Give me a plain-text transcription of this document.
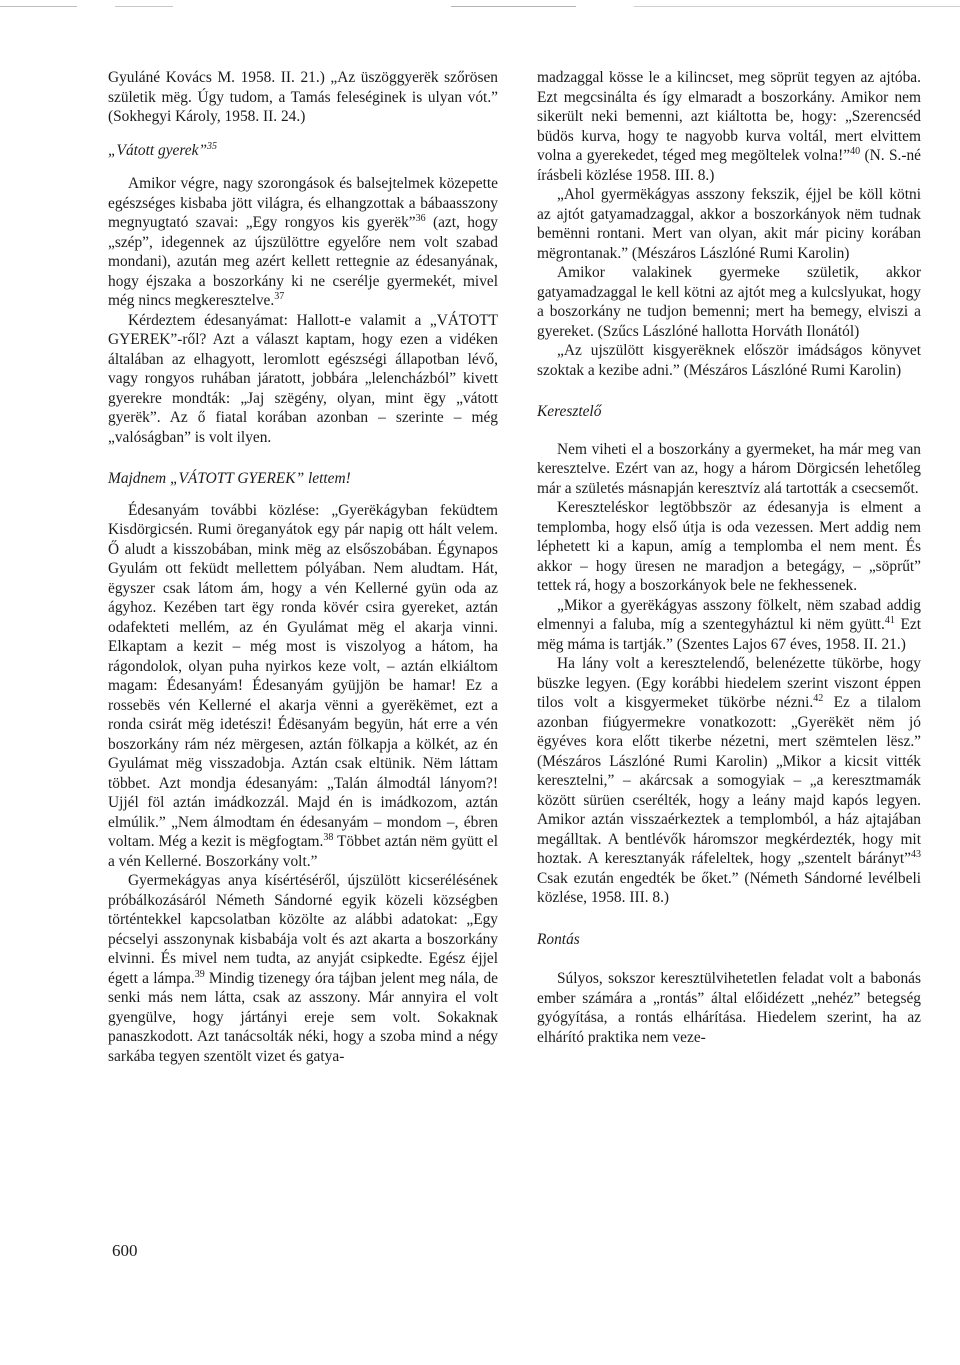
Gyuláné Kovács M. 1958. II. 21.) „Az üszöggyerëk szőrösen születik mëg. Úgy tudom, a Tamás feleséginek is ulyan vót.” (Sokhegyi Károly, 1958. II. 24.)

„Vátott gyerek”$^{35}$

Amikor végre, nagy szorongások és balsejtelmek közepette egészséges kisbaba jött világra, és elhangzottak a bábaasszony megnyugtató szavai: „Egy rongyos kis gyerëk”$^{36}$ (azt, hogy „szép”, idegennek az újszülöttre egyelőre nem volt szabad mondani), azután meg azért kellett rettegnie az édesanyának, hogy éjszaka a boszorkány ki ne cserélje gyermekét, mivel még nincs megkeresztelve.$^{37}$

Kérdeztem édesanyámat: Hallott-e valamit a „VÁTOTT GYEREK”-ről? Azt a választ kaptam, hogy ezen a vidéken általában az elhagyott, leromlott egészségi állapotban lévő, vagy rongyos ruhában járatott, jobbára „lelencházból” kivett gyerekre mondták: „Jaj szëgény, olyan, mint ëgy „vátott gyerëk”. Az ő fiatal korában azonban – szerinte – még „valóságban” is volt ilyen.

Majdnem „VÁTOTT GYEREK” lettem!

Édesanyám további közlése: „Gyerëkágyban feküdtem Kisdörgicsén. Rumi öreganyátok egy pár napig ott hált velem. Ő aludt a kisszobában, mink mëg az elsőszobában. Égynapos Gyulám ott feküdt mellettem pólyában. Nem aludtam. Hát, ëgyszer csak látom ám, hogy a vén Kellerné gyün oda az ágyhoz. Kezében tart ëgy ronda kövér csira gyereket, aztán odafekteti mellém, az én Gyulámat mëg el akarja vinni. Elkaptam a kezit – még most is viszolyog a hátom, ha rágondolok, olyan puha nyirkos keze volt, – aztán elkiáltom magam: Édesanyám! Édesanyám gyüjjön be hamar! Ez a rossebës vén Kellerné el akarja vënni a gyerëkëmet, ezt a ronda csirát mëg idetészi! Édësanyám begyün, hát erre a vén boszorkány rám néz mërgesen, aztán fölkapja a kölkét, az én Gyulámat mëg visszadobja. Aztán csak eltünik. Nëm láttam többet. Azt mondja édesanyám: „Talán álmodtál lányom?! Ujjél föl aztán imádkozzál. Majd én is imádkozom, aztán elmúlik.” „Nem álmodtam én édesanyám – mondom –, ébren voltam. Még a kezit is mëgfogtam.$^{38}$ Többet aztán nëm gyütt el a vén Kellerné. Boszorkány volt.”

Gyermekágyas anya kísértéséről, újszülött kicserélésének próbálkozásáról Németh Sándorné egyik közeli községben történtekkel kapcsolatban közölte az alábbi adatokat: „Egy pécselyi asszonynak kisbabája volt és azt akarta a boszorkány elvinni. És mivel nem tudta, az anyját csipkedte. Egész éjjel égett a lámpa.$^{39}$ Mindig tizenegy óra tájban jelent meg nála, de senki más nem látta, csak az asszony. Már annyira el volt gyengülve, hogy jártányi ereje sem volt. Sokaknak panaszkodott. Azt tanácsolták néki, hogy a szoba mind a négy sarkába tegyen szentölt vizet és gatya-

madzaggal kösse le a kilincset, meg söprüt tegyen az ajtóba. Ezt megcsinálta és így elmaradt a boszorkány. Amikor nem sikerült neki bemenni, azt kiáltotta be, hogy: „Szerencséd büdös kurva, hogy te nagyobb kurva voltál, mert elvittem volna a gyerekedet, téged meg megöltelek volna!”$^{40}$ (N. S.-né írásbeli közlése 1958. III. 8.)

„Ahol gyermëkágyas asszony fekszik, éjjel be köll kötni az ajtót gatyamadzaggal, akkor a boszorkányok nëm tudnak bemënni rontani. Mert van olyan, akit már piciny korában mëgrontanak.” (Mészáros Lászlóné Rumi Karolin)

Amikor valakinek gyermeke születik, akkor gatyamadzaggal le kell kötni az ajtót meg a kulcslyukat, hogy a boszorkány ne tudjon bemenni; mert ha bemegy, elviszi a gyereket. (Szűcs Lászlóné hallotta Horváth Ilonától)

„Az ujszülött kisgyerëknek először imádságos könyvet szoktak a kezibe adni.” (Mészáros Lászlóné Rumi Karolin)

Keresztelő

Nem viheti el a boszorkány a gyermeket, ha már meg van keresztelve. Ezért van az, hogy a három Dörgicsén lehetőleg már a születés másnapján keresztvíz alá tartották a csecsemőt.

Kereszteléskor legtöbbször az édesanyja is elment a templomba, hogy első útja is oda vezessen. Mert addig nem léphetett ki a kapun, amíg a templomba el nem ment. És akkor – hogy üresen ne maradjon a betegágy, – „söprűt” tettek rá, hogy a boszorkányok bele ne fekhessenek.

„Mikor a gyerëkágyas asszony fölkelt, nëm szabad addig elmennyi a faluba, míg a szentegyháztul ki nëm gyütt.$^{41}$ Ezt mëg máma is tartják.” (Szentes Lajos 67 éves, 1958. II. 21.)

Ha lány volt a keresztelendő, belenézette tükörbe, hogy büszke legyen. (Egy korábbi hiedelem szerint viszont éppen tilos volt a kisgyermeket tükörbe nézni.$^{42}$ Ez a tilalom azonban fiúgyermekre vonatkozott: „Gyerëkët nëm jó ëgyéves kora előtt tikerbe nézetni, mert szëmtelen lësz.” (Mészáros Lászlóné Rumi Karolin) „Mikor a kicsit vitték keresztelni,” – akárcsak a somogyiak – „a keresztmamák között sürüen cserélték, hogy a leány majd kapós legyen. Amikor aztán visszaérkeztek a templomból, a ház ajtajában megálltak. A bentlévők háromszor megkérdezték, hogy mit hoztak. A keresztanyák ráfeleltek, hogy „szentelt bárányt”$^{43}$ Csak ezután engedték be őket.” (Németh Sándorné levélbeli közlése, 1958. III. 8.)

Rontás

Súlyos, sokszor keresztülvihetetlen feladat volt a babonás ember számára a „rontás” által előidézett „nehéz” betegség gyógyítása, a rontás elhárítása. Hiedelem szerint, ha az elhárító praktika nem veze-

600
